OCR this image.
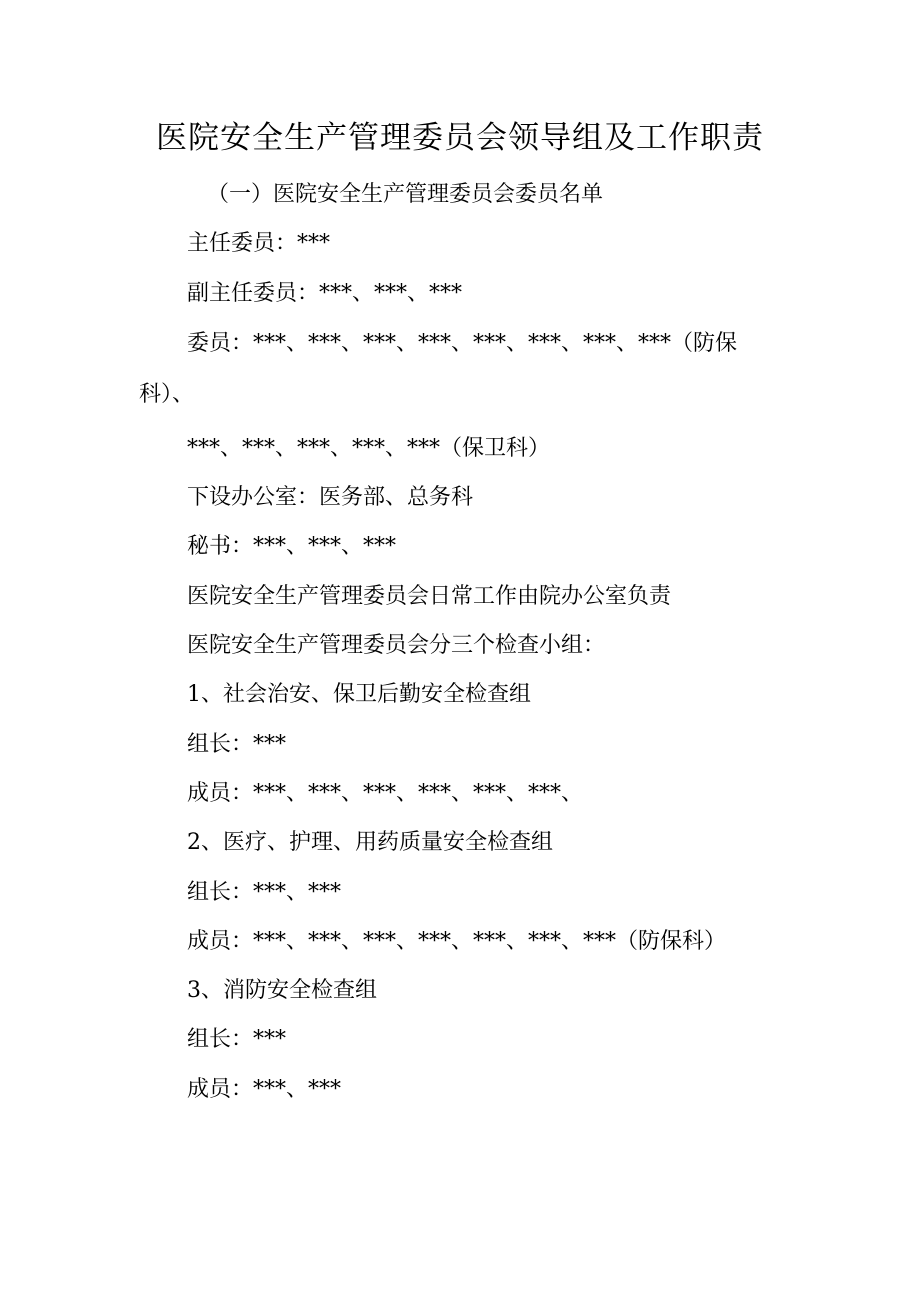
医院安全生产管理委员会领导组及工作职责
（一）医院安全生产管理委员会委员名单
主任委员：***
副主任委员：***、***、***
委员：***、***、***、***、***、***、***、***（防保科）、
***、***、***、***、***（保卫科）
下设办公室：医务部、总务科
秘书：***、***、***
医院安全生产管理委员会日常工作由院办公室负责
医院安全生产管理委员会分三个检查小组：
1、社会治安、保卫后勤安全检查组
组长：***
成员：***、***、***、***、***、***、
2、医疗、护理、用药质量安全检查组
组长：***、***
成员：***、***、***、***、***、***、***（防保科）
3、消防安全检查组
组长：***
成员：***、***
